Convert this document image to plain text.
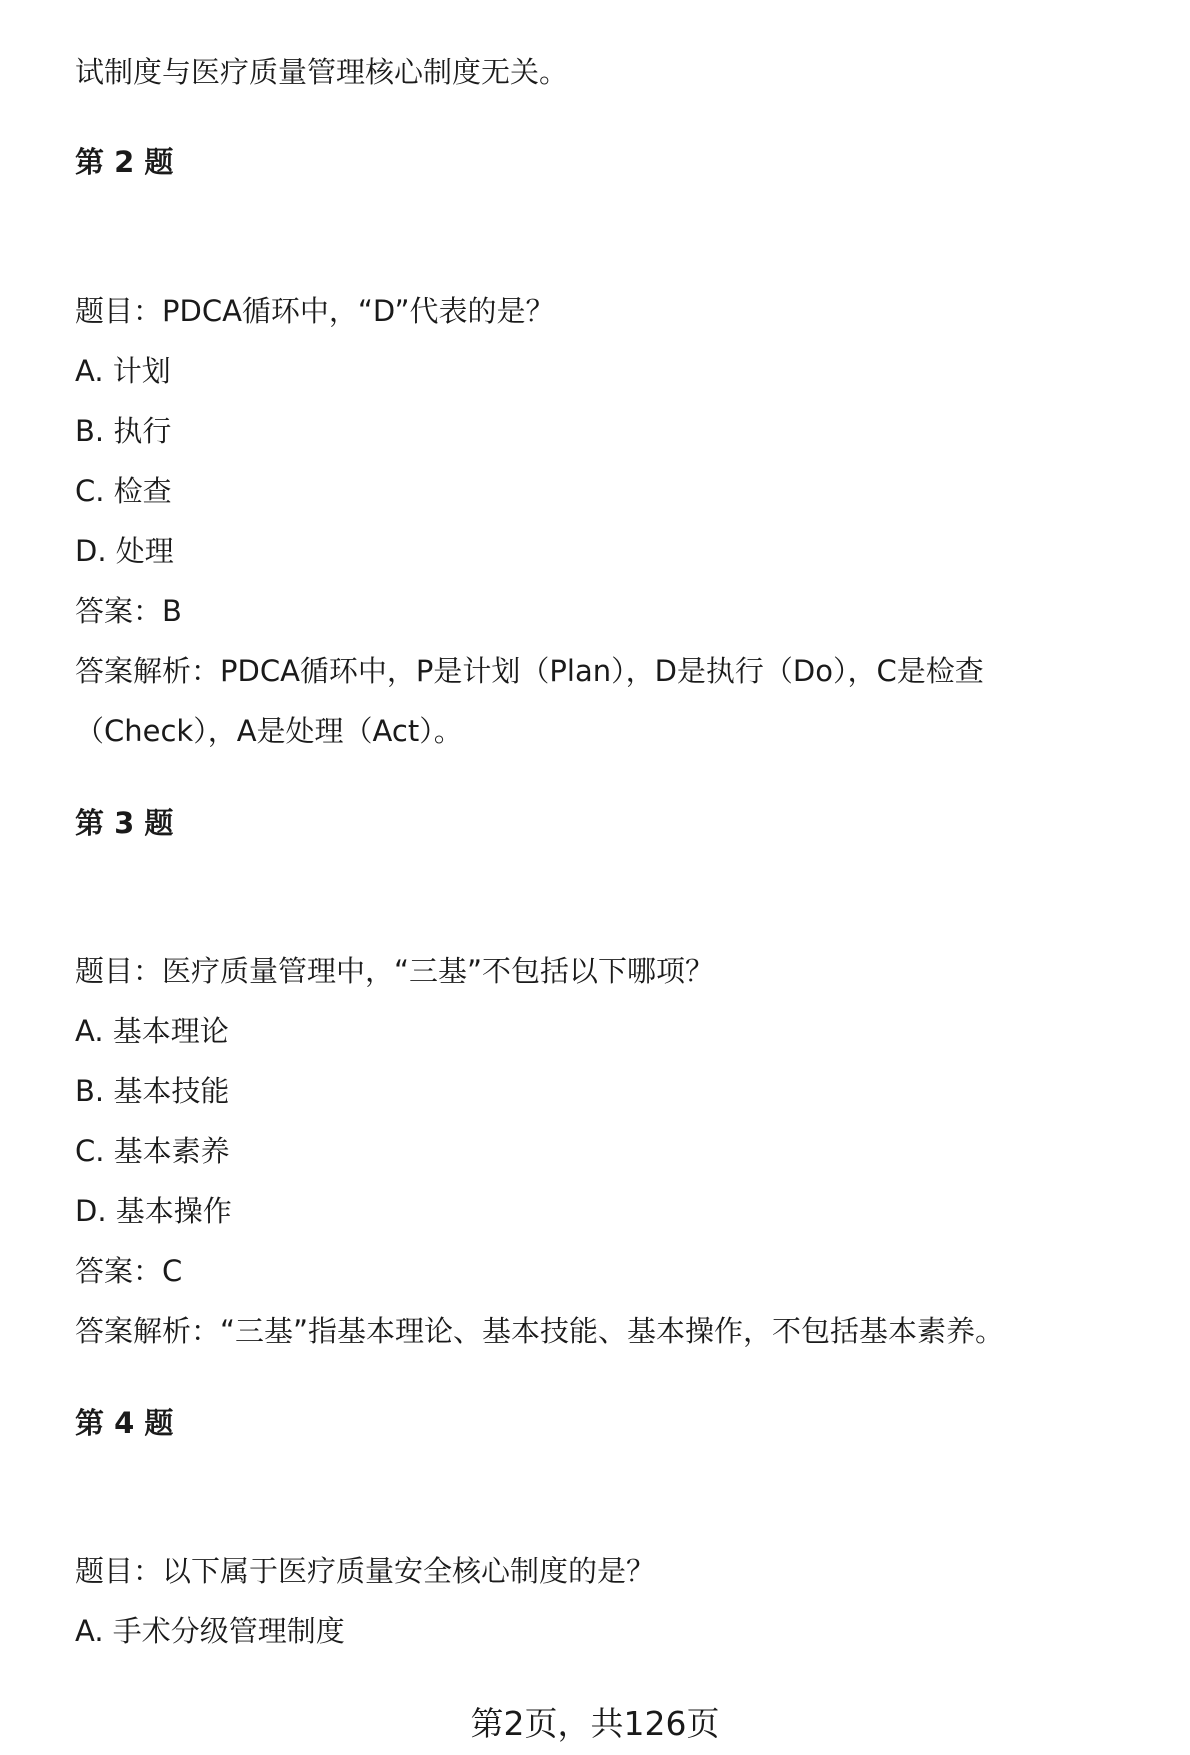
试制度与医疗质量管理核心制度无关。
第 2 题
题目：PDCA循环中，“D”代表的是？
A. 计划
B. 执行
C. 检查
D. 处理
答案：B
答案解析：PDCA循环中，P是计划（Plan），D是执行（Do），C是检查
（Check），A是处理（Act）。
第 3 题
题目：医疗质量管理中，“三基”不包括以下哪项？
A. 基本理论
B. 基本技能
C. 基本素养
D. 基本操作
答案：C
答案解析：“三基”指基本理论、基本技能、基本操作，不包括基本素养。
第 4 题
题目：以下属于医疗质量安全核心制度的是？
A. 手术分级管理制度
第2页，共126页
